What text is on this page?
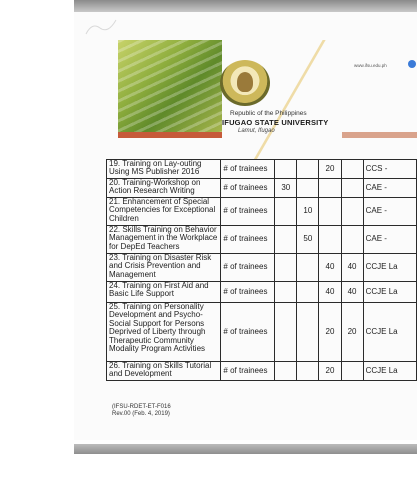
Republic of the Philippines
IFUGAO STATE UNIVERSITY
Lamut, Ifugao
www.ifsu.edu.ph
19. Training on Lay-outing Using MS Publisher 2016	# of trainees			20		CCS -
20. Training-Workshop on Action Research Writing	# of trainees	30				CAE -
21. Enhancement of Special Competencies for Exceptional Children	# of trainees		10			CAE -
22. Skills Training on Behavior Management in the Workplace for DepEd Teachers	# of trainees		50			CAE -
23. Training on Disaster Risk and Crisis Prevention and Management	# of trainees			40	40	CCJE La
24. Training on First Aid and Basic Life Support	# of trainees			40	40	CCJE La
25. Training on Personality Development and Psycho-Social Support for Persons Deprived of Liberty through Therapeutic Community Modality Program Activities	# of trainees			20	20	CCJE La
26. Training on Skills Tutorial and Development	# of trainees			20		CCJE La
(IFSU-RDET-ET-F016
Rev.00 (Feb. 4, 2019)
